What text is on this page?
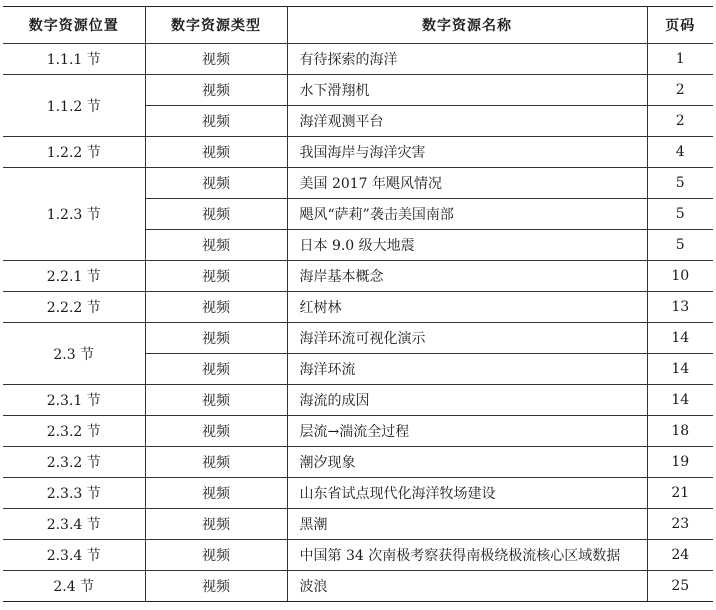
数字资源位置	数字资源类型	数字资源名称	页码
1.1.1 节	视频	有待探索的海洋	1
1.1.2 节	视频	水下滑翔机	2
	视频	海洋观测平台	2
1.2.2 节	视频	我国海岸与海洋灾害	4
1.2.3 节	视频	美国 2017 年飓风情况	5
	视频	飓风“萨莉”袭击美国南部	5
	视频	日本 9.0 级大地震	5
2.2.1 节	视频	海岸基本概念	10
2.2.2 节	视频	红树林	13
2.3 节	视频	海洋环流可视化演示	14
	视频	海洋环流	14
2.3.1 节	视频	海流的成因	14
2.3.2 节	视频	层流→湍流全过程	18
2.3.2 节	视频	潮汐现象	19
2.3.3 节	视频	山东省试点现代化海洋牧场建设	21
2.3.4 节	视频	黑潮	23
2.3.4 节	视频	中国第 34 次南极考察获得南极绕极流核心区域数据	24
2.4 节	视频	波浪	25
